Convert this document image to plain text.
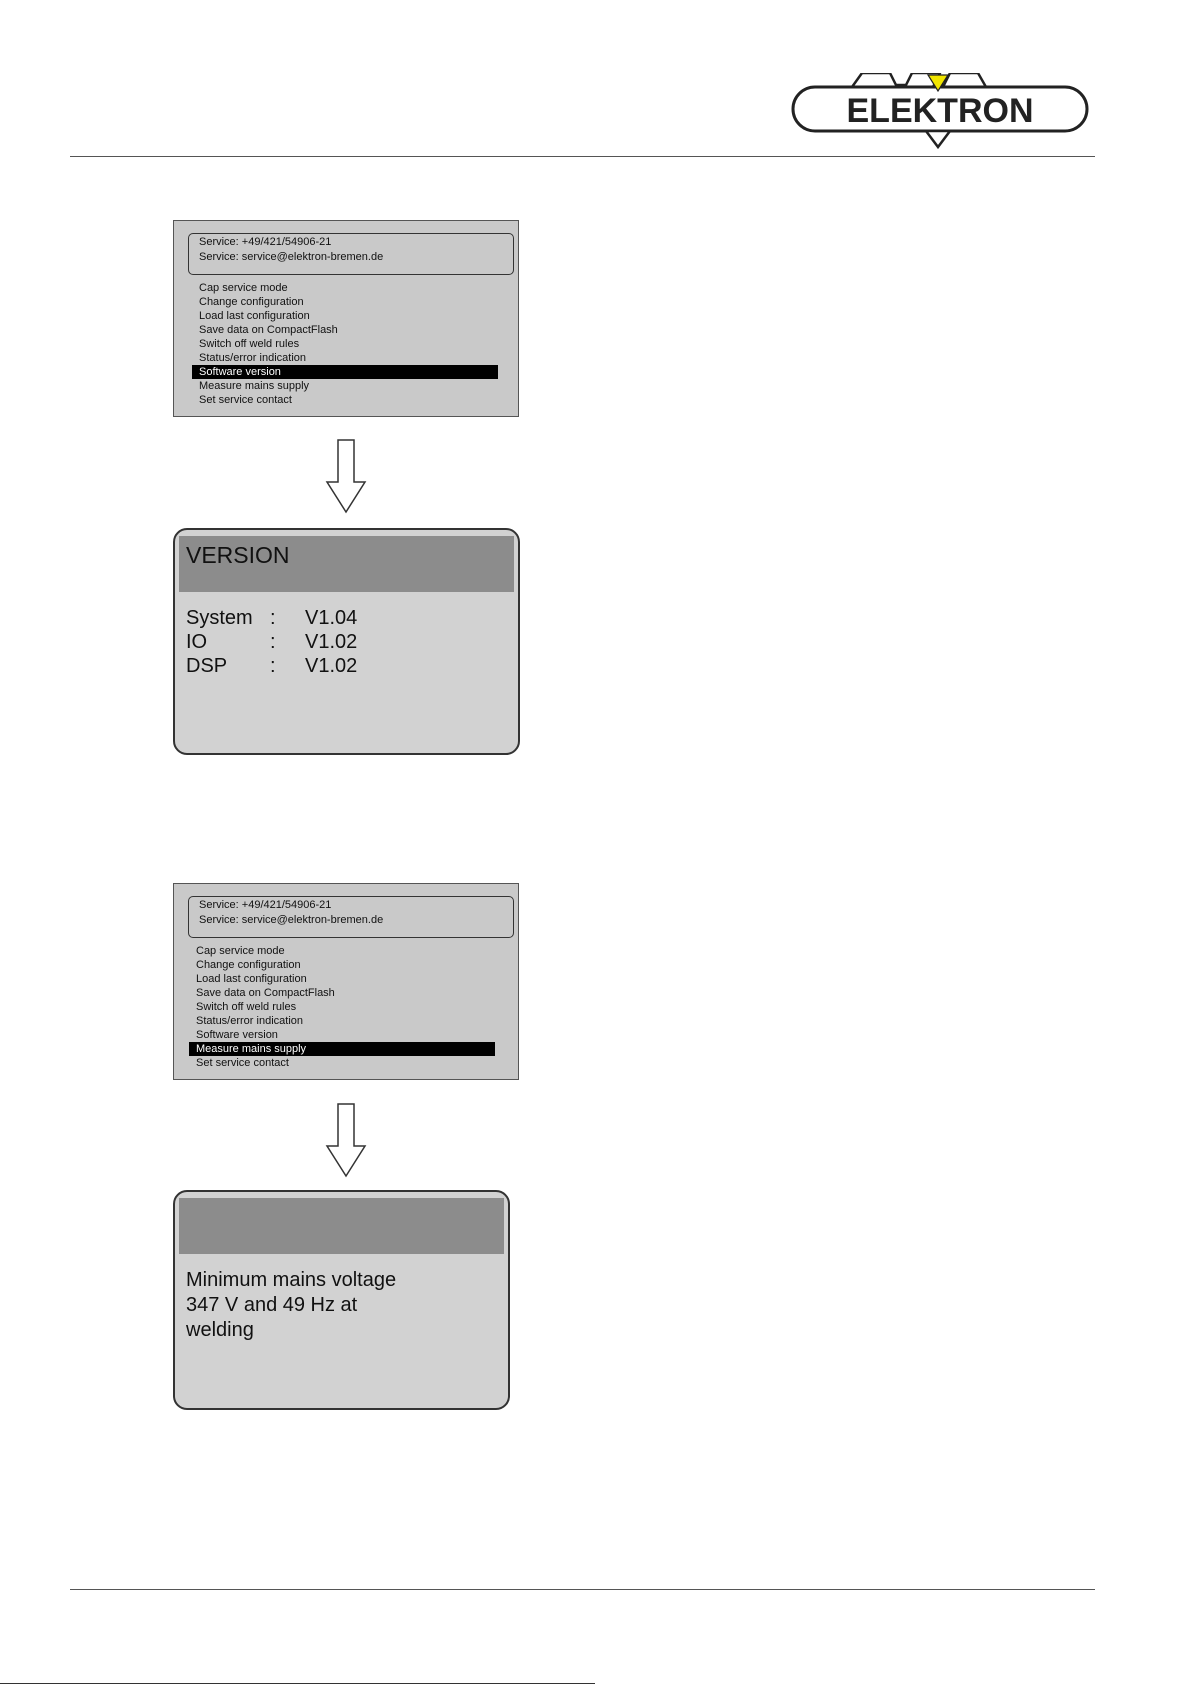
ELEKTRON
Service: +49/421/54906-21
Service: service@elektron-bremen.de
Cap service mode
Change configuration
Load last configuration
Save data on CompactFlash
Switch off weld rules
Status/error indication
Software version
Measure mains supply
Set service contact
VERSION
System :	V1.04
IO	:	V1.02
DSP	:	V1.02
Service: +49/421/54906-21
Service: service@elektron-bremen.de
Cap service mode
Change configuration
Load last configuration
Save data on CompactFlash
Switch off weld rules
Status/error indication
Software version
Measure mains supply
Set service contact
Minimum mains voltage
347 V and 49 Hz at
welding
